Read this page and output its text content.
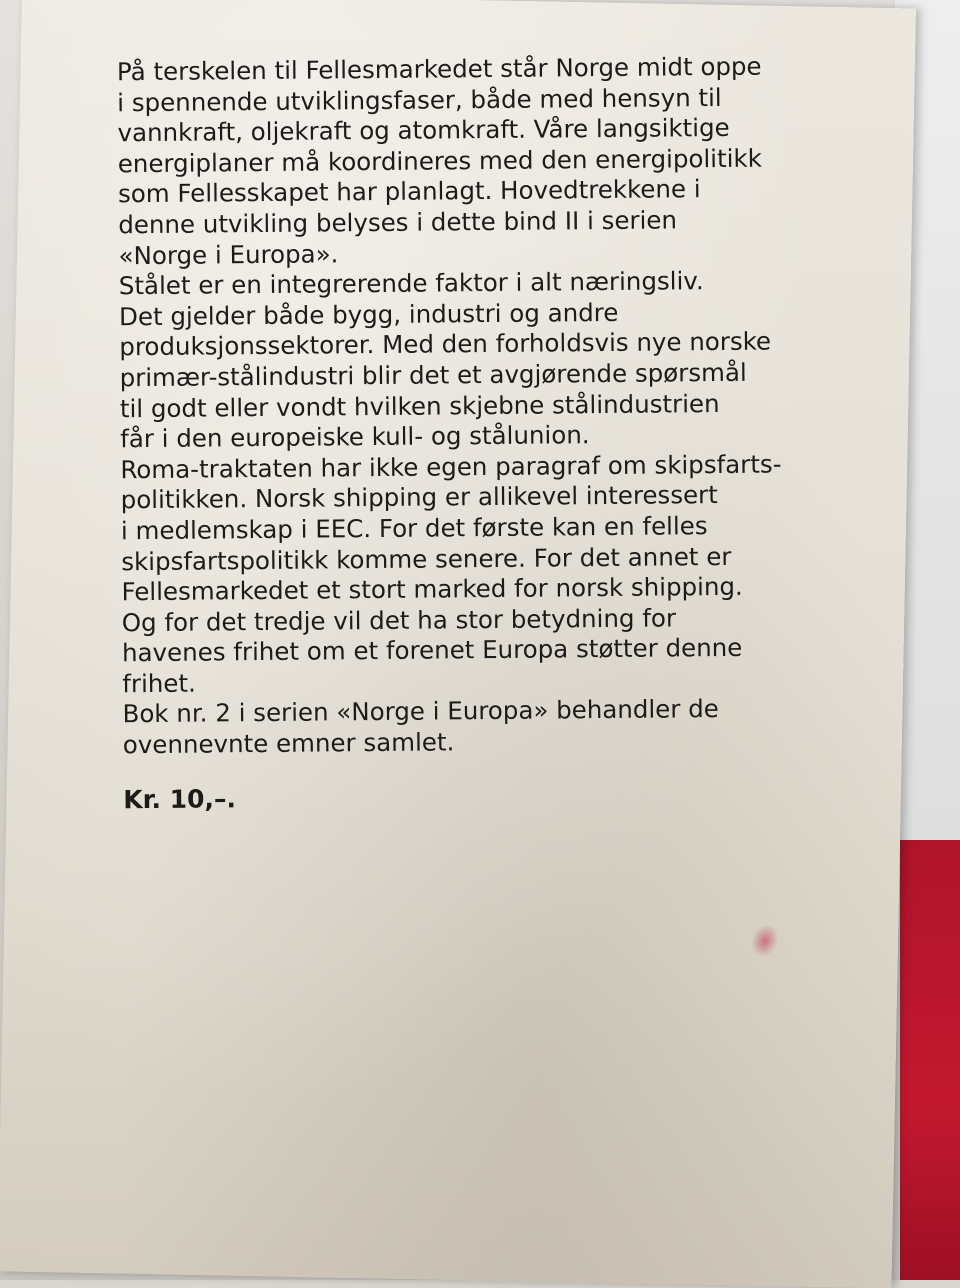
På terskelen til Fellesmarkedet står Norge midt oppe
i spennende utviklingsfaser, både med hensyn til
vannkraft, oljekraft og atomkraft. Våre langsiktige
energiplaner må koordineres med den energipolitikk
som Fellesskapet har planlagt. Hovedtrekkene i
denne utvikling belyses i dette bind II i serien
«Norge i Europa».

Stålet er en integrerende faktor i alt næringsliv.
Det gjelder både bygg, industri og andre
produksjonssektorer. Med den forholdsvis nye norske
primær-stålindustri blir det et avgjørende spørsmål
til godt eller vondt hvilken skjebne stålindustrien
får i den europeiske kull- og stålunion.

Roma-traktaten har ikke egen paragraf om skipsfarts-
politikken. Norsk shipping er allikevel interessert
i medlemskap i EEC. For det første kan en felles
skipsfartspolitikk komme senere. For det annet er
Fellesmarkedet et stort marked for norsk shipping.
Og for det tredje vil det ha stor betydning for
havenes frihet om et forenet Europa støtter denne
frihet.

Bok nr. 2 i serien «Norge i Europa» behandler de
ovennevnte emner samlet.

Kr. 10,–.
